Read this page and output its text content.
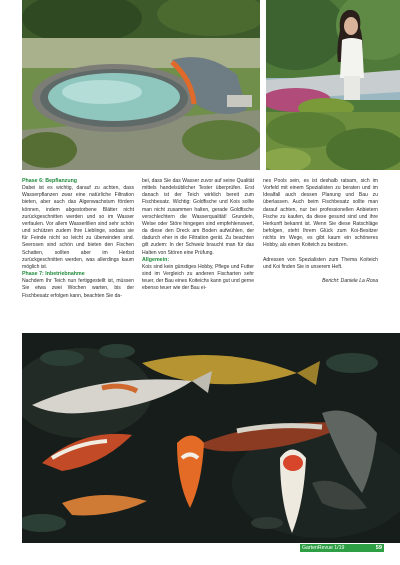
Phase 6: Bepflanzung

Dabei ist es wichtig, darauf zu achten, dass Wasserpflanzen zwar eine natürliche Filtration bieten, aber auch das Algenwachstum fördern können, indem abgestorbene Blätter nicht zurückgeschnitten werden und so im Wasser verfaulen. Vor allem Wasserlilien sind sehr schön und schützen zudem Ihre Lieblinge, sodass sie für Feinde nicht so leicht zu überwinden sind. Seerosen sind schön und bieten den Fischen Schatten, sollten aber im Herbst zurückgeschnitten werden, was allerdings kaum möglich ist.

Phase 7: Inbetriebnahme

Nachdem Ihr Teich nun fertiggestellt ist, müssen Sie etwa zwei Wochen warten, bis der Fischbesatz erfolgen kann, beachten Sie da-

bei, dass Sie das Wasser zuvor auf seine Qualität mittels handelsüblicher Tester überprüfen. Erst danach ist der Teich wirklich bereit zum Fischbesatz. Wichtig: Goldfische und Kois sollte man nicht zusammen halten, gerade Goldfische verschlechtern die Wasserqualität! Grundeln, Welse oder Störe hingegen sind empfehlenswert, da diese den Dreck am Boden aufwühlen, der dadurch eher in die Filtration gerät. Zu beachten gilt zudem: In der Schweiz braucht man für das Halten von Stören eine Prüfung.

Allgemein:

Kois sind kein günstiges Hobby, Pflege und Futter sind im Vergleich zu anderen Fischarten sehr teuer, der Bau eines Koiteichs kann gut und gerne ebenso teuer wie der Bau ei-

nes Pools sein, es ist deshalb ratsam, sich im Vorfeld mit einem Spezialisten zu beraten und im Idealfall auch dessen Planung und Bau zu überlassen. Auch beim Fischbesatz sollte man darauf achten, nur bei professionellen Anbietern Fische zu kaufen, da diese gesund sind und ihre Herkunft bekannt ist. Wenn Sie diese Ratschläge befolgen, steht Ihrem Glück zum Koi-Besitzer nichts im Wege, es gibt kaum ein schöneres Hobby, als einen Koiteich zu besitzen.

Adressen von Spezialisten zum Thema Koiteich und Koi finden Sie in unserem Heft.

Bericht: Daniele La Rosa

GartenRevue 1/19	59
